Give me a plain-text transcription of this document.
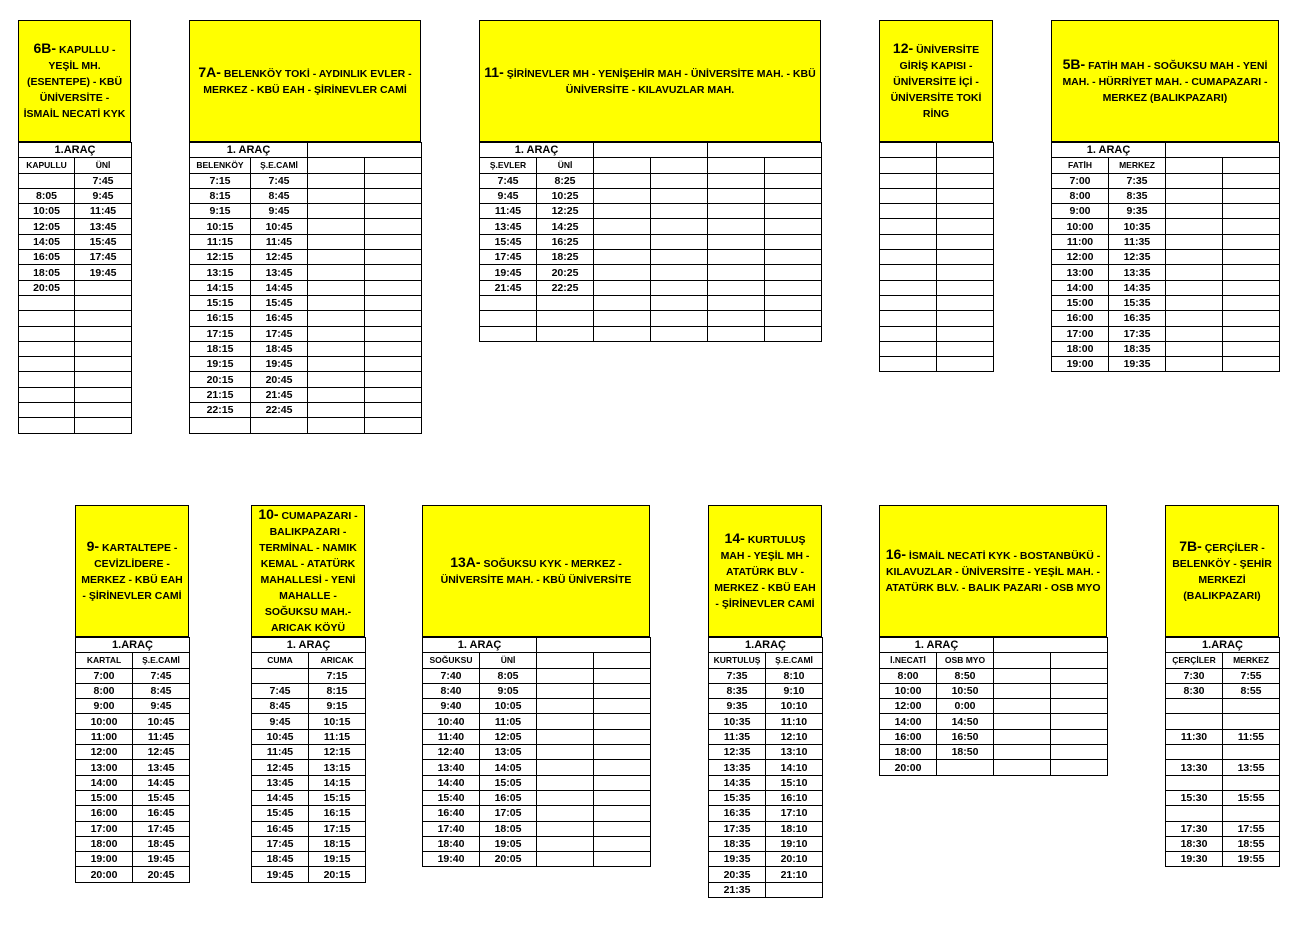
6B- KAPULLU - YEŞİL MH. (ESENTEPE) - KBÜ ÜNİVERSİTE - İSMAİL NECATİ KYK
1.ARAÇ	
KAPULLU	ÜNİ
	7:45
8:05	9:45
10:05	11:45
12:05	13:45
14:05	15:45
16:05	17:45
18:05	19:45
20:05	

7A- BELENKÖY TOKİ - AYDINLIK EVLER - MERKEZ - KBÜ EAH - ŞİRİNEVLER CAMİ
1. ARAÇ			
BELENKÖY	Ş.E.CAMİ		
7:15	7:45		
8:15	8:45		
9:15	9:45		
10:15	10:45		
11:15	11:45		
12:15	12:45		
13:15	13:45		
14:15	14:45		
15:15	15:45		
16:15	16:45		
17:15	17:45		
18:15	18:45		
19:15	19:45		
20:15	20:45		
21:15	21:45		
22:15	22:45		

11- ŞİRİNEVLER MH - YENİŞEHİR MAH - ÜNİVERSİTE MAH. - KBÜ ÜNİVERSİTE - KILAVUZLAR MAH.
1. ARAÇ					
Ş.EVLER	ÜNİ				
7:45	8:25				
9:45	10:25				
11:45	12:25				
13:45	14:25				
15:45	16:25				
17:45	18:25				
19:45	20:25				
21:45	22:25				

12- ÜNİVERSİTE GİRİŞ KAPISI - ÜNİVERSİTE İÇİ - ÜNİVERSİTE TOKİ RİNG

5B- FATİH MAH - SOĞUKSU MAH - YENİ MAH. - HÜRRİYET MAH. - CUMAPAZARI - MERKEZ (BALIKPAZARI)
1. ARAÇ			
FATİH	MERKEZ		
7:00	7:35		
8:00	8:35		
9:00	9:35		
10:00	10:35		
11:00	11:35		
12:00	12:35		
13:00	13:35		
14:00	14:35		
15:00	15:35		
16:00	16:35		
17:00	17:35		
18:00	18:35		
19:00	19:35		
9- KARTALTEPE - CEVİZLİDERE - MERKEZ - KBÜ EAH - ŞİRİNEVLER CAMİ
1.ARAÇ	
KARTAL	Ş.E.CAMİ
7:00	7:45
8:00	8:45
9:00	9:45
10:00	10:45
11:00	11:45
12:00	12:45
13:00	13:45
14:00	14:45
15:00	15:45
16:00	16:45
17:00	17:45
18:00	18:45
19:00	19:45
20:00	20:45
10- CUMAPAZARI - BALIKPAZARI - TERMİNAL - NAMIK KEMAL - ATATÜRK MAHALLESİ - YENİ MAHALLE - SOĞUKSU MAH.- ARICAK KÖYÜ
1. ARAÇ	
CUMA	ARICAK
	7:15
7:45	8:15
8:45	9:15
9:45	10:15
10:45	11:15
11:45	12:15
12:45	13:15
13:45	14:15
14:45	15:15
15:45	16:15
16:45	17:15
17:45	18:15
18:45	19:15
19:45	20:15
13A- SOĞUKSU KYK - MERKEZ - ÜNİVERSİTE MAH. - KBÜ ÜNİVERSİTE
1. ARAÇ			
SOĞUKSU	ÜNİ		
7:40	8:05		
8:40	9:05		
9:40	10:05		
10:40	11:05		
11:40	12:05		
12:40	13:05		
13:40	14:05		
14:40	15:05		
15:40	16:05		
16:40	17:05		
17:40	18:05		
18:40	19:05		
19:40	20:05		
14- KURTULUŞ MAH - YEŞİL MH - ATATÜRK BLV - MERKEZ - KBÜ EAH - ŞİRİNEVLER CAMİ
1.ARAÇ	
KURTULUŞ	Ş.E.CAMİ
7:35	8:10
8:35	9:10
9:35	10:10
10:35	11:10
11:35	12:10
12:35	13:10
13:35	14:10
14:35	15:10
15:35	16:10
16:35	17:10
17:35	18:10
18:35	19:10
19:35	20:10
20:35	21:10
21:35	
16- İSMAİL NECATİ KYK - BOSTANBÜKÜ - KILAVUZLAR - ÜNİVERSİTE - YEŞİL MAH. - ATATÜRK BLV. - BALIK PAZARI - OSB MYO
1. ARAÇ			
İ.NECATİ	OSB MYO		
8:00	8:50		
10:00	10:50		
12:00	0:00		
14:00	14:50		
16:00	16:50		
18:00	18:50		
20:00			
7B- ÇERÇİLER - BELENKÖY - ŞEHİR MERKEZİ (BALIKPAZARI)
1.ARAÇ	
ÇERÇİLER	MERKEZ
7:30	7:55
8:30	8:55

11:30	11:55

13:30	13:55

15:30	15:55

17:30	17:55
18:30	18:55
19:30	19:55
